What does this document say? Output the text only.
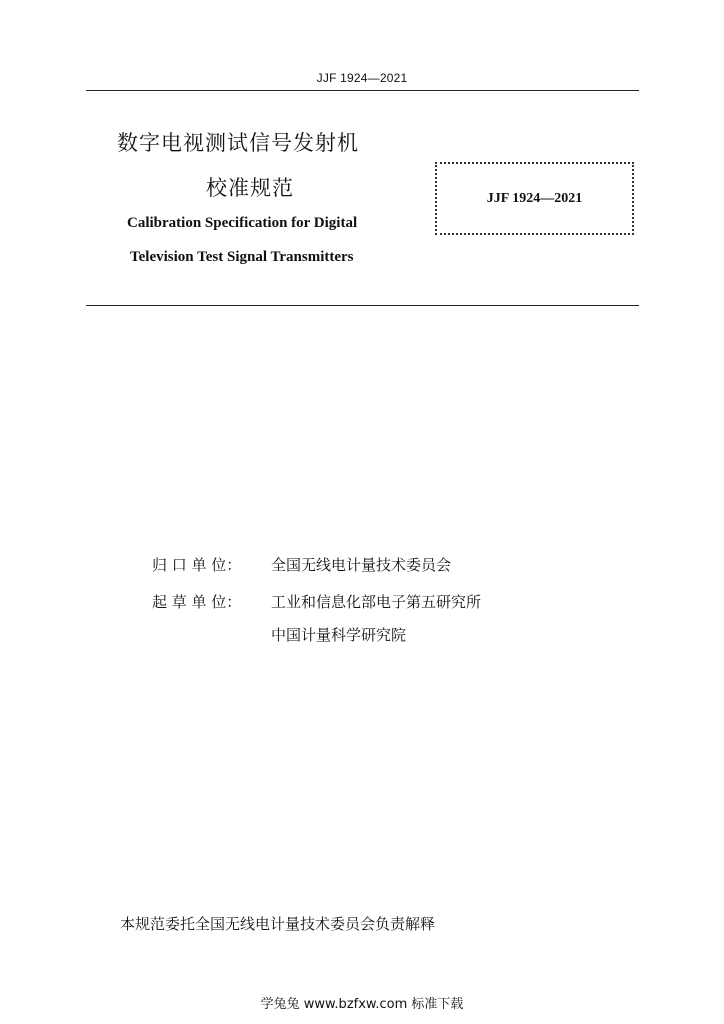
JJF 1924—2021
数字电视测试信号发射机
校准规范
Calibration Specification for Digital
Television Test Signal Transmitters
JJF 1924—2021
归 口 单 位：	全国无线电计量技术委员会
起 草 单 位：	工业和信息化部电子第五研究所
中国计量科学研究院
本规范委托全国无线电计量技术委员会负责解释
学兔兔 www.bzfxw.com 标准下载
